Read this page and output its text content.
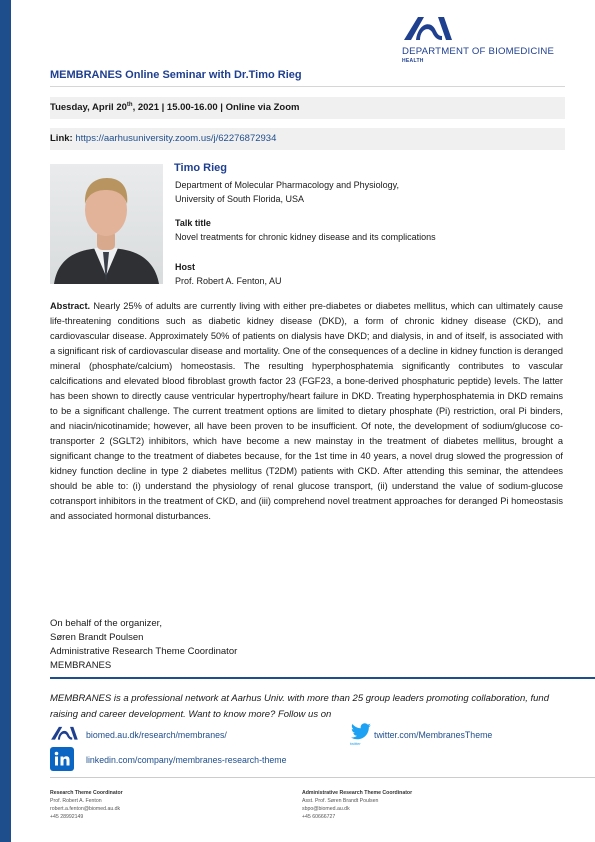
DEPARTMENT OF BIOMEDICINE
HEALTH
MEMBRANES Online Seminar with Dr.Timo Rieg
Tuesday, April 20th, 2021 | 15.00-16.00 | Online via Zoom
Link: https://aarhusuniversity.zoom.us/j/62276872934
Timo Rieg
Department of Molecular Pharmacology and Physiology,
University of South Florida, USA
Talk title
Novel treatments for chronic kidney disease and its complications
Host
Prof. Robert A. Fenton, AU
Abstract. Nearly 25% of adults are currently living with either pre-diabetes or diabetes mellitus, which can ultimately cause life-threatening conditions such as diabetic kidney disease (DKD), a form of chronic kidney disease (CKD), and cardiovascular disease. Approximately 50% of patients on dialysis have DKD; and dialysis, in and of itself, is associated with a significant risk of cardiovascular disease and mortality. One of the consequences of a decline in kidney function is deranged mineral (phosphate/calcium) homeostasis. The resulting hyperphosphatemia significantly contributes to vascular calcifications and elevated blood fibroblast growth factor 23 (FGF23, a bone-derived phosphaturic peptide) levels. The latter has been shown to directly cause ventricular hypertrophy/heart failure in DKD. Treating hyperphosphatemia in DKD remains to be a significant challenge. The current treatment options are limited to dietary phosphate (Pi) restriction, oral Pi binders, and niacin/nicotinamide; however, all have been proven to be insufficient. Of note, the development of sodium/glucose co-transporter 2 (SGLT2) inhibitors, which have become a new mainstay in the treatment of diabetes mellitus, brought a significant change to the treatment of diabetes because, for the 1st time in 40 years, a novel drug slowed the progression of kidney function decline in type 2 diabetes mellitus (T2DM) patients with CKD. After attending this seminar, the attendees should be able to: (i) understand the physiology of renal glucose transport, (ii) understand the value of sodium-glucose cotransport inhibitors in the treatment of CKD, and (iii) comprehend novel treatment approaches for deranged Pi homeostasis and associated hormonal disturbances.
On behalf of the organizer,
Søren Brandt Poulsen
Administrative Research Theme Coordinator
MEMBRANES
MEMBRANES is a professional network at Aarhus Univ. with more than 25 group leaders promoting collaboration, fund raising and career development. Want to know more? Follow us on
biomed.au.dk/research/membranes/
twitter
twitter.com/MembranesTheme
linkedin.com/company/membranes-research-theme
Research Theme Coordinator
Prof. Robert A. Fenton
robert.a.fenton@biomed.au.dk
+45 28992149
Administrative Research Theme Coordinator
Asst. Prof. Søren Brandt Poulsen
sbpo@biomed.au.dk
+45 60666727
